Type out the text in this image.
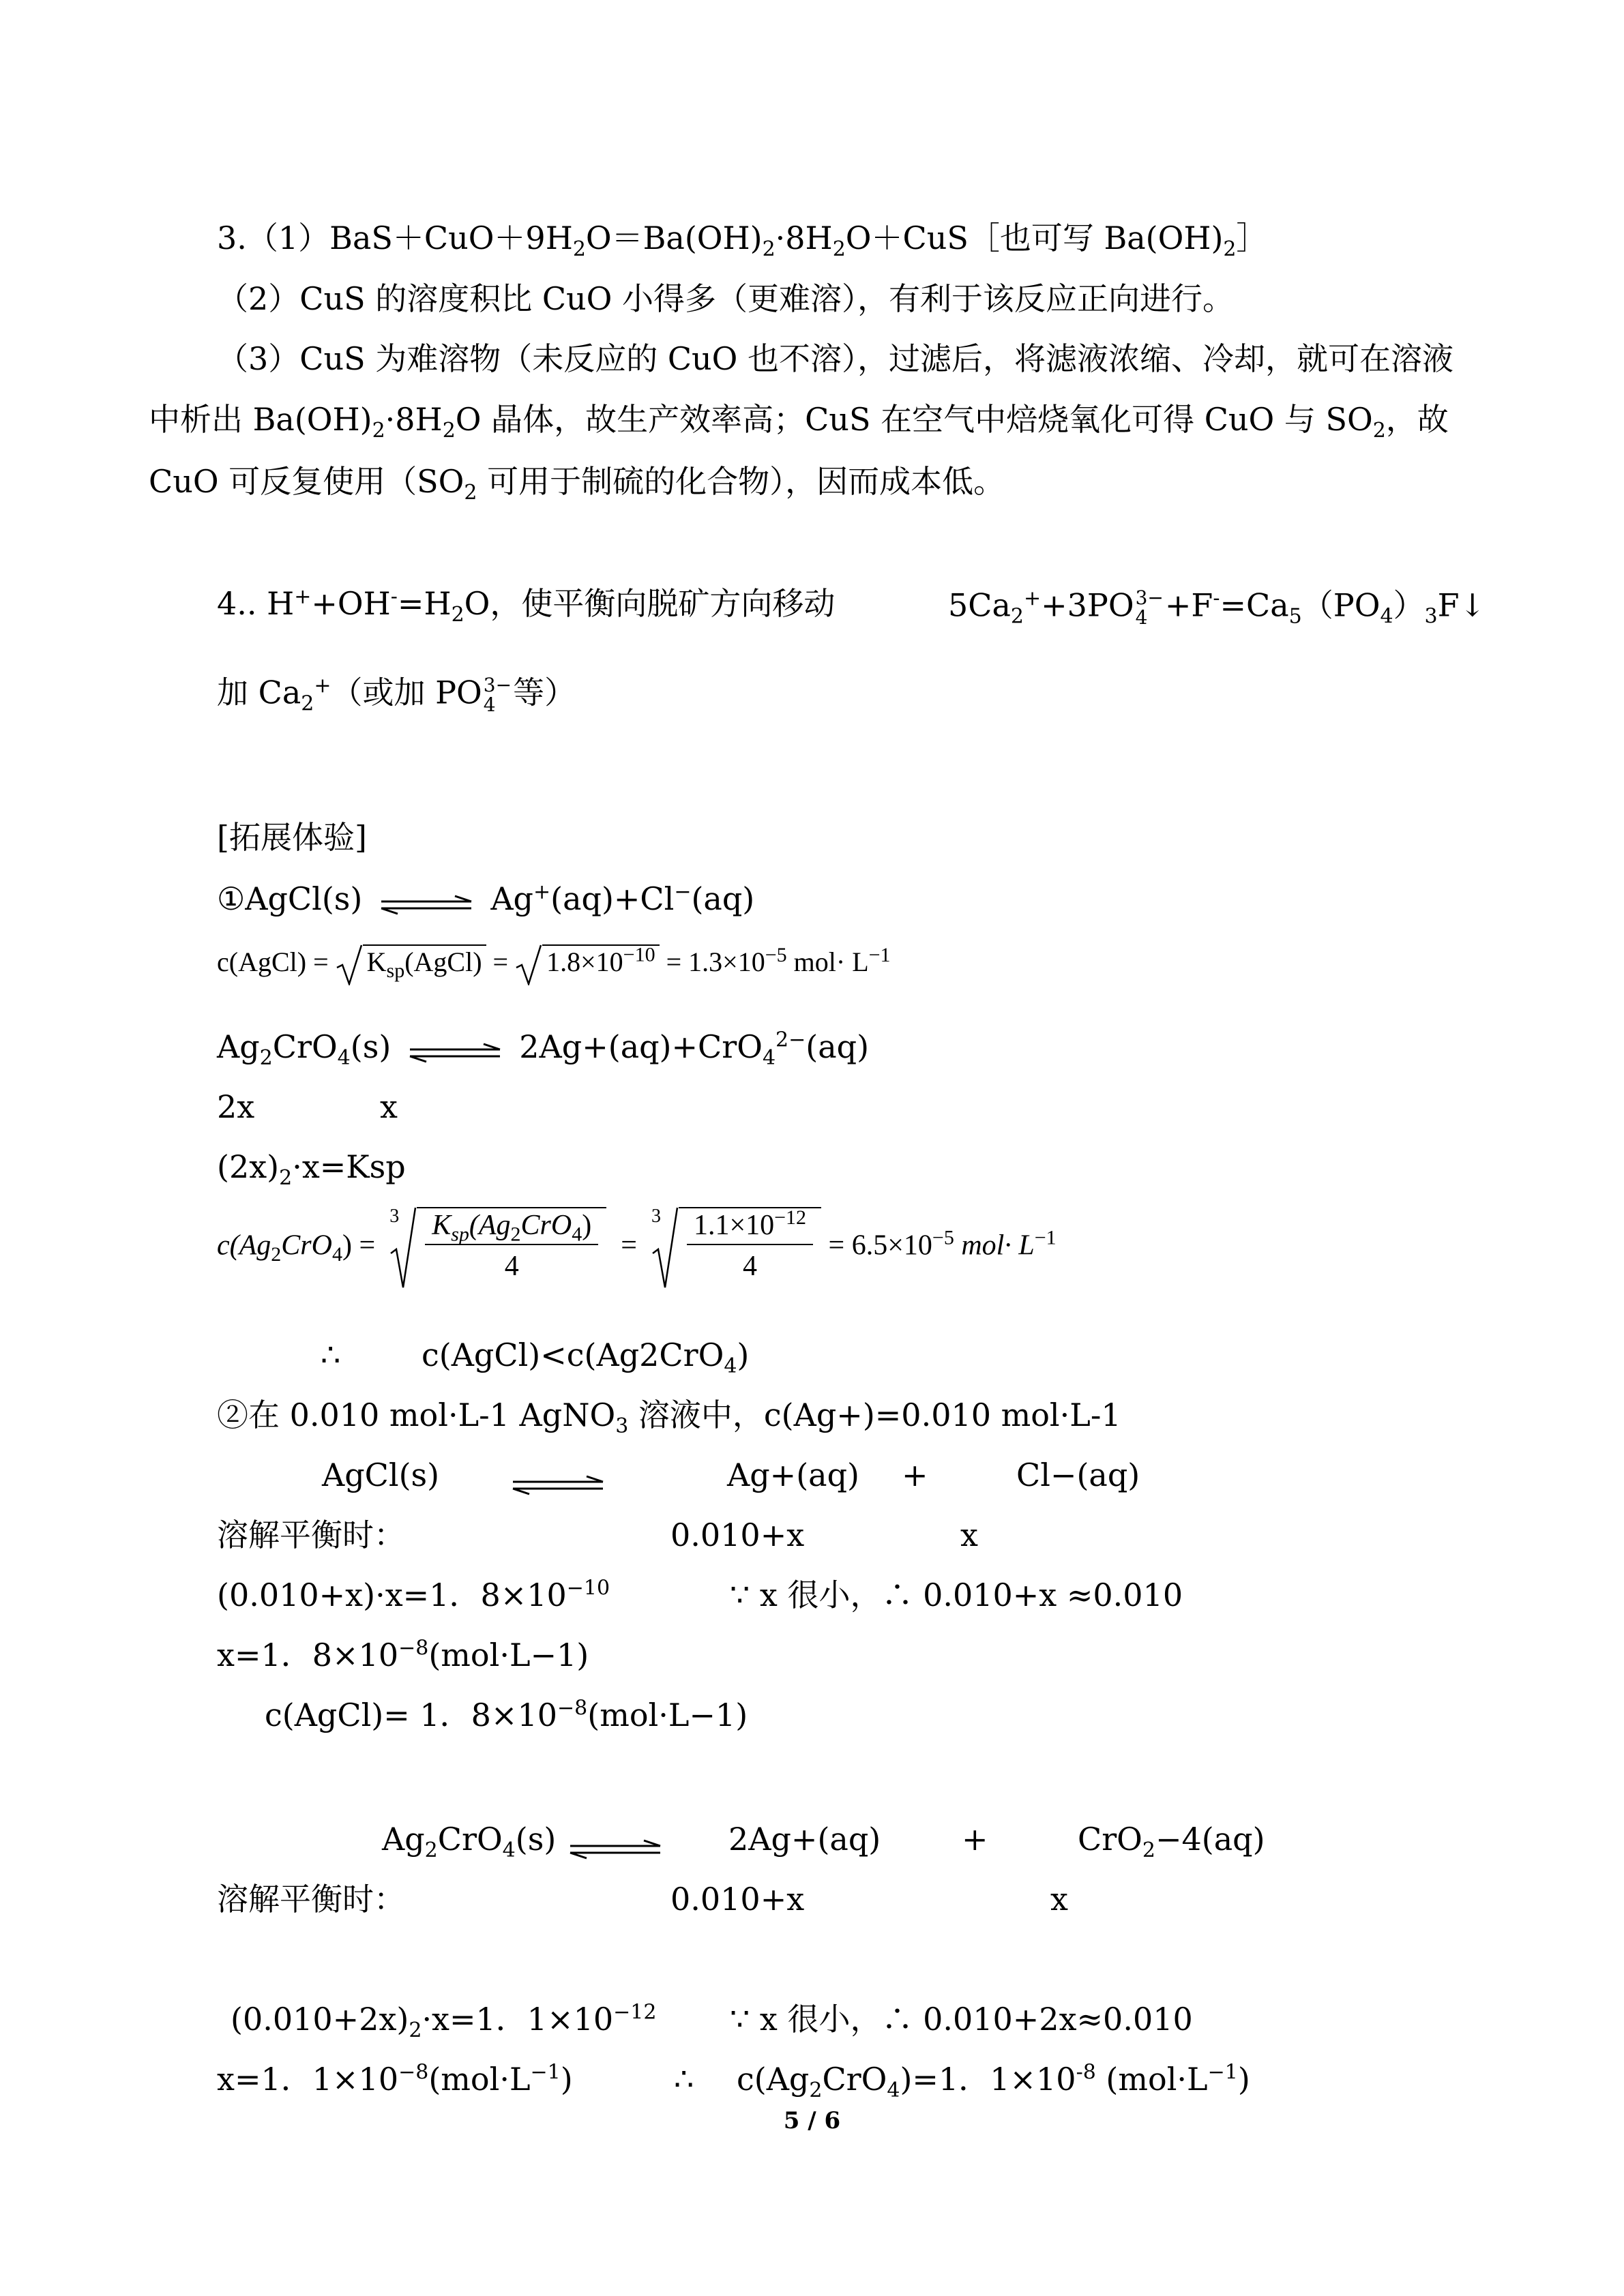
$3.(1)BaS+CuO+9H_2O=Ba(OH)_2\cdot 8H_2O+CuS[$也可写 $Ba(OH)_2]$
（2）CuS 的溶度积比 CuO 小得多（更难溶），有利于该反应正向进行。
（3）CuS 为难溶物（未反应的 CuO 也不溶），过滤后，将滤液浓缩、冷却，就可在溶液
中析出 $Ba(OH)_2\cdot 8H_2O$ 晶体，故生产效率高；CuS 在空气中焙烧氧化可得 CuO 与 $SO_2$，故
CuO 可反复使用（$SO_2$ 可用于制硫的化合物），因而成本低。
4.. $H^++OH^-=H_2O$，使平衡向脱矿方向移动	$5Ca_2^++3PO$ 3−
$4 +F^-=Ca_5(PO_4)_3F↓$
加 $Ca_2^+$（或加 PO 3−
4 等）
[拓展体验]
①AgCl(s) ⇌ Ag+(aq)+Cl−(aq)
c(AgCl) = $K_{sp}(AgCl) = 1.8\times 10^{-10} = 1.3\times 10^{-5}$ $mol\cdot L^{-1}$
$Ag_2CrO_4(s)$ ⇌ 2Ag+(aq)+CrO$_4^{2-}$(aq)
2x	x
$(2x)_2\cdot x=Ksp$
$c(Ag_2CrO_4)$ =
$3 \frac{K_{sp}(Ag_2CrO_4)}{4}$ =
$3 \frac{1.1\times 10^{-12}}{4} = 6.5\times 10^{-5}$ $mol\cdot L^{-1}$
∴	c(AgCl)<c(Ag2CrO$_4$)
②在 0.010 mol·L-1 AgNO$_3$ 溶液中，c(Ag+)=0.010 mol·L-1
AgCl(s)	Ag+(aq) +	Cl−(aq)
溶解平衡时：	0.010+x	x
(0.010+x)·x=1．$8\times 10^{-10}$	∵ x 很小，∴ 0.010+x ≈0.010
x=1．$8\times 10^{-8}(mol\cdot L-1)$
c(AgCl)= 1．$8\times 10^{-8}(mol\cdot L-1)$
$Ag_2CrO_4(s)$	2Ag+(aq)	+	CrO$_2$−4(aq)
溶解平衡时：	0.010+x	x
$(0.010+2x)_2\cdot x=1$．$1\times 10^{-12}$ ∵ x 很小，∴ 0.010+2x≈0.010
x=1．$1\times 10^{-8}(mol\cdot L^{-1})$	∴ $c(Ag_2CrO_4)=1$．$1\times 10^{-8}$ $(mol\cdot L^{-1})$
5 / 6
